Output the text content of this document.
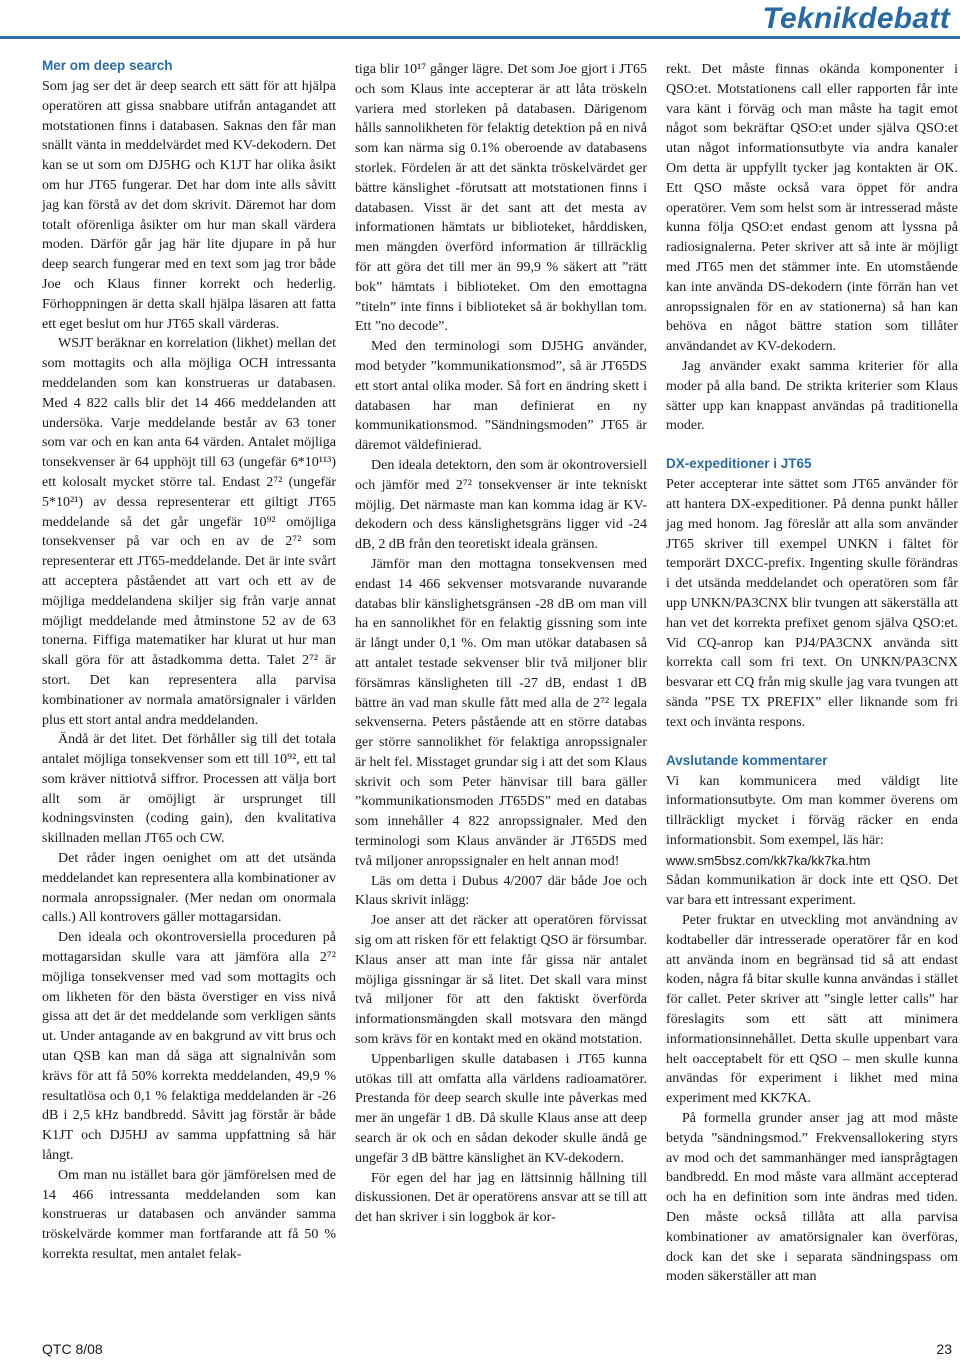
Teknikdebatt
Mer om deep search

Som jag ser det är deep search ett sätt för att hjälpa operatören att gissa snabbare utifrån antagandet att motstationen finns i databasen. Saknas den får man snällt vänta in meddelvärdet med KV-dekodern. Det kan se ut som om DJ5HG och K1JT har olika åsikt om hur JT65 fungerar. Det har dom inte alls såvitt jag kan förstå av det dom skrivit. Däremot har dom totalt oförenliga åsikter om hur man skall värdera moden. Därför går jag här lite djupare in på hur deep search fungerar med en text som jag tror både Joe och Klaus finner korrekt och hederlig. Förhoppningen är detta skall hjälpa läsaren att fatta ett eget beslut om hur JT65 skall värderas.

WSJT beräknar en korrelation (likhet) mellan det som mottagits och alla möjliga OCH intressanta meddelanden som kan konstrueras ur databasen. Med 4 822 calls blir det 14 466 meddelanden att undersöka. Varje meddelande består av 63 toner som var och en kan anta 64 värden. Antalet möjliga tonsekvenser är 64 upphöjt till 63 (ungefär 6*10¹¹³) ett kolosalt mycket större tal. Endast 2⁷² (ungefär 5*10²¹) av dessa representerar ett giltigt JT65 meddelande så det går ungefär 10⁹² omöjliga tonsekvenser på var och en av de 2⁷² som representerar ett JT65-meddelande. Det är inte svårt att acceptera påståendet att vart och ett av de möjliga meddelandena skiljer sig från varje annat möjligt meddelande med åtminstone 52 av de 63 tonerna. Fiffiga matematiker har klurat ut hur man skall göra för att åstadkomma detta. Talet 2⁷² är stort. Det kan representera alla parvisa kombinationer av normala amatörsignaler i världen plus ett stort antal andra meddelanden.

Ändå är det litet. Det förhåller sig till det totala antalet möjliga tonsekvenser som ett till 10⁹², ett tal som kräver nittiotvå siffror. Processen att välja bort allt som är omöjligt är ursprunget till kodningsvinsten (coding gain), den kvalitativa skillnaden mellan JT65 och CW.

Det råder ingen oenighet om att det utsända meddelandet kan representera alla kombinationer av normala anropssignaler. (Mer nedan om onormala calls.) All kontrovers gäller mottagarsidan.

Den ideala och okontroversiella proceduren på mottagarsidan skulle vara att jämföra alla 2⁷² möjliga tonsekvenser med vad som mottagits och om likheten för den bästa överstiger en viss nivå gissa att det är det meddelande som verkligen sänts ut. Under antagande av en bakgrund av vitt brus och utan QSB kan man då säga att signalnivån som krävs för att få 50% korrekta meddelanden, 49,9 % resultatlösa och 0,1 % felaktiga meddelanden är -26 dB i 2,5 kHz bandbredd. Såvitt jag förstår är både K1JT och DJ5HJ av samma uppfattning så här långt.

Om man nu istället bara gör jämförelsen med de 14 466 intressanta meddelanden som kan konstrueras ur databasen och använder samma tröskelvärde kommer man fortfarande att få 50 % korrekta resultat, men antalet felak-

tiga blir 10¹⁷ gånger lägre. Det som Joe gjort i JT65 och som Klaus inte accepterar är att låta tröskeln variera med storleken på databasen. Därigenom hålls sannolikheten för felaktig detektion på en nivå som kan närma sig 0.1% oberoende av databasens storlek. Fördelen är att det sänkta tröskelvärdet ger bättre känslighet -förutsatt att motstationen finns i databasen. Visst är det sant att det mesta av informationen hämtats ur biblioteket, hårddisken, men mängden överförd information är tillräcklig för att göra det till mer än 99,9 % säkert att ”rätt bok” hämtats i biblioteket. Om den emottagna ”titeln” inte finns i biblioteket så är bokhyllan tom. Ett ”no decode”.

Med den terminologi som DJ5HG använder, mod betyder ”kommunikationsmod”, så är JT65DS ett stort antal olika moder. Så fort en ändring skett i databasen har man definierat en ny kommunikationsmod. ”Sändningsmoden” JT65 är däremot väldefinierad.

Den ideala detektorn, den som är okontroversiell och jämför med 2⁷² tonsekvenser är inte tekniskt möjlig. Det närmaste man kan komma idag är KV-dekodern och dess känslighetsgräns ligger vid -24 dB, 2 dB från den teoretiskt ideala gränsen.

Jämför man den mottagna tonsekvensen med endast 14 466 sekvenser motsvarande nuvarande databas blir känslighetsgränsen -28 dB om man vill ha en sannolikhet för en felaktig gissning som inte är långt under 0,1 %. Om man utökar databasen så att antalet testade sekvenser blir två miljoner blir försämras känsligheten till -27 dB, endast 1 dB bättre än vad man skulle fått med alla de 2⁷² legala sekvenserna. Peters påstående att en större databas ger större sannolikhet för felaktiga anropssignaler är helt fel. Misstaget grundar sig i att det som Klaus skrivit och som Peter hänvisar till bara gäller ”kommunikationsmoden JT65DS” med en databas som innehåller 4 822 anropssignaler. Med den terminologi som Klaus använder är JT65DS med två miljoner anropssignaler en helt annan mod!

Läs om detta i Dubus 4/2007 där både Joe och Klaus skrivit inlägg:

Joe anser att det räcker att operatören förvissat sig om att risken för ett felaktigt QSO är försumbar. Klaus anser att man inte får gissa när antalet möjliga gissningar är så litet. Det skall vara minst två miljoner för att den faktiskt överförda informationsmängden skall motsvara den mängd som krävs för en kontakt med en okänd motstation.

Uppenbarligen skulle databasen i JT65 kunna utökas till att omfatta alla världens radioamatörer. Prestanda för deep search skulle inte påverkas med mer än ungefär 1 dB. Då skulle Klaus anse att deep search är ok och en sådan dekoder skulle ändå ge ungefär 3 dB bättre känslighet än KV-dekodern.

För egen del har jag en lättsinnig hållning till diskussionen. Det är operatörens ansvar att se till att det han skriver i sin loggbok är kor-

rekt. Det måste finnas okända komponenter i QSO:et. Motstationens call eller rapporten får inte vara känt i förväg och man måste ha tagit emot något som bekräftar QSO:et under själva QSO:et utan något informationsutbyte via andra kanaler Om detta är uppfyllt tycker jag kontakten är OK. Ett QSO måste också vara öppet för andra operatörer. Vem som helst som är intresserad måste kunna följa QSO:et endast genom att lyssna på radiosignalerna. Peter skriver att så inte är möjligt med JT65 men det stämmer inte. En utomstående kan inte använda DS-dekodern (inte förrän han vet anropssignalen för en av stationerna) så han kan behöva en något bättre station som tillåter användandet av KV-dekodern.

Jag använder exakt samma kriterier för alla moder på alla band. De strikta kriterier som Klaus sätter upp kan knappast användas på traditionella moder.

DX-expeditioner i JT65

Peter accepterar inte sättet som JT65 använder för att hantera DX-expeditioner. På denna punkt håller jag med honom. Jag föreslår att alla som använder JT65 skriver till exempel UNKN i fältet för temporärt DXCC-prefix. Ingenting skulle förändras i det utsända meddelandet och operatören som får upp UNKN/PA3CNX blir tvungen att säkerställa att han vet det korrekta prefixet genom själva QSO:et. Vid CQ-anrop kan PJ4/PA3CNX använda sitt korrekta call som fri text. On UNKN/PA3CNX besvarar ett CQ från mig skulle jag vara tvungen att sända ”PSE TX PREFIX” eller liknande som fri text och inväntа respons.

Avslutande kommentarer

Vi kan kommunicera med väldigt lite informationsutbyte. Om man kommer överens om tillräckligt mycket i förväg räcker en enda informationsbit. Som exempel, läs här:

www.sm5bsz.com/kk7ka/kk7ka.htm

Sådan kommunikation är dock inte ett QSO. Det var bara ett intressant experiment.

Peter fruktar en utveckling mot användning av kodtabeller där intresserade operatörer får en kod att använda inom en begränsad tid så att endast koden, några få bitar skulle kunna användas i stället för callet. Peter skriver att ”single letter calls” har föreslagits som ett sätt att minimera informationsinnehållet. Detta skulle uppenbart vara helt oacceptabelt för ett QSO – men skulle kunna användas för experiment i likhet med mina experiment med KK7KA.

På formella grunder anser jag att mod måste betyda ”sändningsmod.” Frekvensallokering styrs av mod och det sammanhänger med iansprågtagen bandbredd. En mod måste vara allmänt accepterad och ha en definition som inte ändras med tiden. Den måste också tillåta att alla parvisa kombinationer av amatörsignaler kan överföras, dock kan det ske i separata sändningspass om moden säkerställer att man

QTC 8/08	23
